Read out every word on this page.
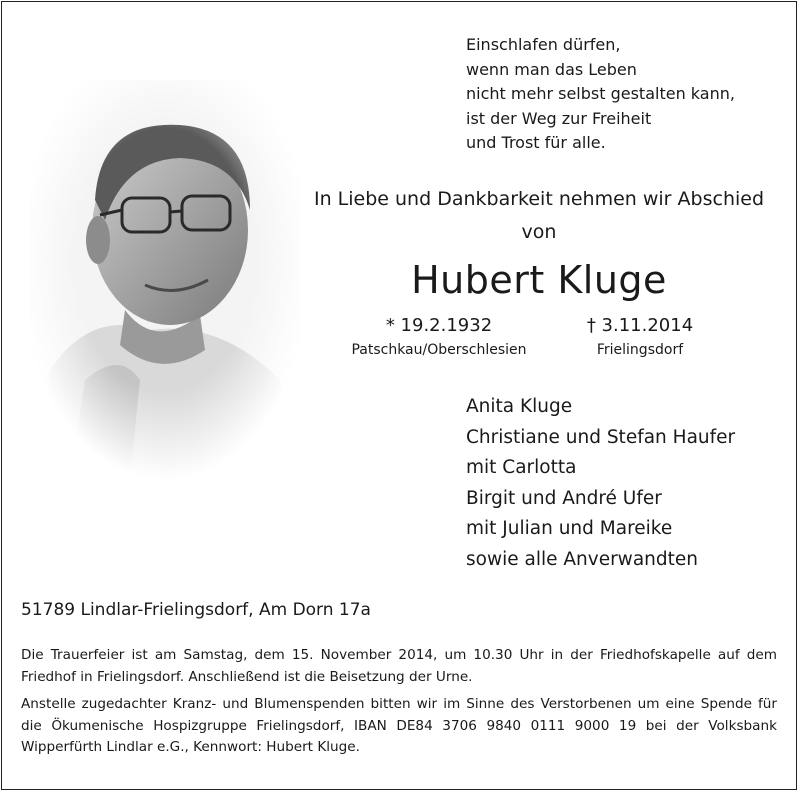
Einschlafen dürfen,
wenn man das Leben
nicht mehr selbst gestalten kann,
ist der Weg zur Freiheit
und Trost für alle.
In Liebe und Dankbarkeit nehmen wir Abschied
von
Hubert Kluge
* 19.2.1932
Patschkau/Oberschlesien
† 3.11.2014
Frielingsdorf
Anita Kluge
Christiane und Stefan Haufer
mit Carlotta
Birgit und André Ufer
mit Julian und Mareike
sowie alle Anverwandten
51789 Lindlar-Frielingsdorf, Am Dorn 17a
Die Trauerfeier ist am Samstag, dem 15. November 2014, um 10.30 Uhr in der Friedhofskapelle auf dem Friedhof in Frielingsdorf. Anschließend ist die Beisetzung der Urne.
Anstelle zugedachter Kranz- und Blumenspenden bitten wir im Sinne des Verstorbenen um eine Spende für die Ökumenische Hospizgruppe Frielingsdorf, IBAN DE84 3706 9840 0111 9000 19 bei der Volksbank Wipperfürth Lindlar e.G., Kennwort: Hubert Kluge.
